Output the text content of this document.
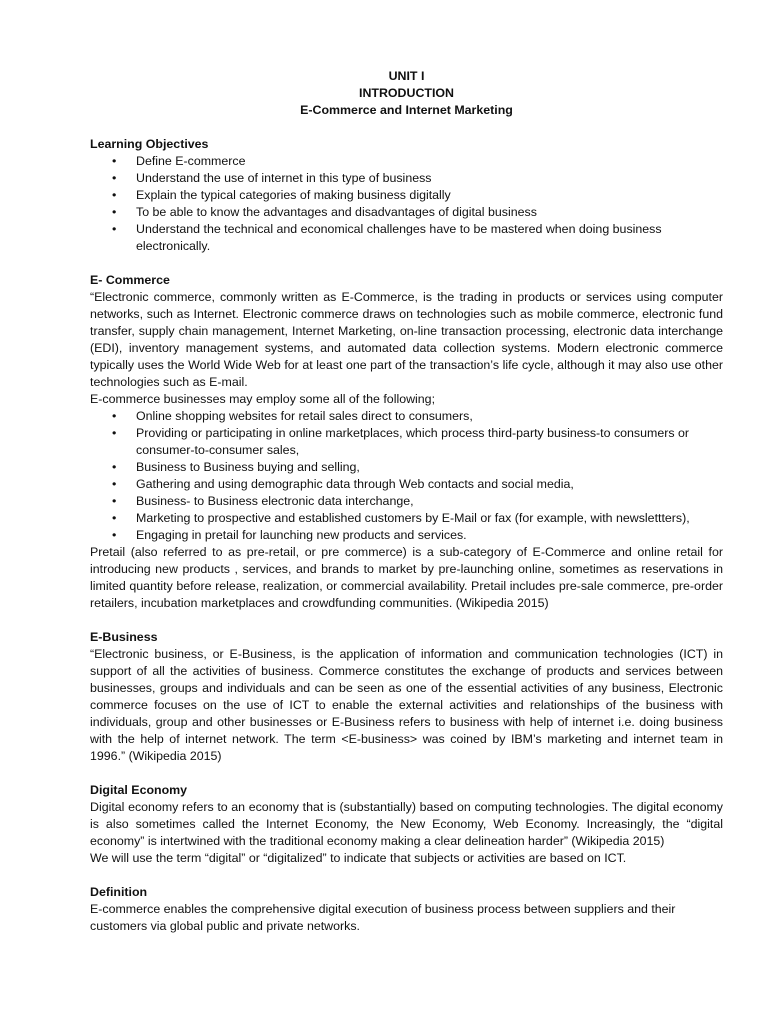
UNIT I
INTRODUCTION
E-Commerce and Internet Marketing

Learning Objectives

• Define E-commerce
• Understand the use of internet in this type of business
• Explain the typical categories of making business digitally
• To be able to know the advantages and disadvantages of digital business
• Understand the technical and economical challenges have to be mastered when doing business electronically.

E- Commerce

“Electronic commerce, commonly written as E-Commerce, is the trading in products or services using computer networks, such as Internet. Electronic commerce draws on technologies such as mobile commerce, electronic fund transfer, supply chain management, Internet Marketing, on-line transaction processing, electronic data interchange (EDI), inventory management systems, and automated data collection systems. Modern electronic commerce typically uses the World Wide Web for at least one part of the transaction’s life cycle, although it may also use other technologies such as E-mail.

E-commerce businesses may employ some all of the following;

• Online shopping websites for retail sales direct to consumers,
• Providing or participating in online marketplaces, which process third-party business-to consumers or consumer-to-consumer sales,
• Business to Business buying and selling,
• Gathering and using demographic data through Web contacts and social media,
• Business- to Business electronic data interchange,
• Marketing to prospective and established customers by E-Mail or fax (for example, with newslettters),
• Engaging in pretail for launching new products and services.

Pretail (also referred to as pre-retail, or pre commerce) is a sub-category of E-Commerce and online retail for introducing new products , services, and brands to market by pre-launching online, sometimes as reservations in limited quantity before release, realization, or commercial availability. Pretail includes pre-sale commerce, pre-order retailers, incubation marketplaces and crowdfunding communities. (Wikipedia 2015)

E-Business

“Electronic business, or E-Business, is the application of information and communication technologies (ICT) in support of all the activities of business. Commerce constitutes the exchange of products and services between businesses, groups and individuals and can be seen as one of the essential activities of any business, Electronic commerce focuses on the use of ICT to enable the external activities and relationships of the business with individuals, group and other businesses or E-Business refers to business with help of internet i.e. doing business with the help of internet network. The term <E-business> was coined by IBM’s marketing and internet team in 1996.” (Wikipedia 2015)

Digital Economy

Digital economy refers to an economy that is (substantially) based on computing technologies. The digital economy is also sometimes called the Internet Economy, the New Economy, Web Economy. Increasingly, the “digital economy” is intertwined with the traditional economy making a clear delineation harder” (Wikipedia 2015)

We will use the term “digital” or “digitalized” to indicate that subjects or activities are based on ICT.

Definition

E-commerce enables the comprehensive digital execution of business process between suppliers and their customers via global public and private networks.
